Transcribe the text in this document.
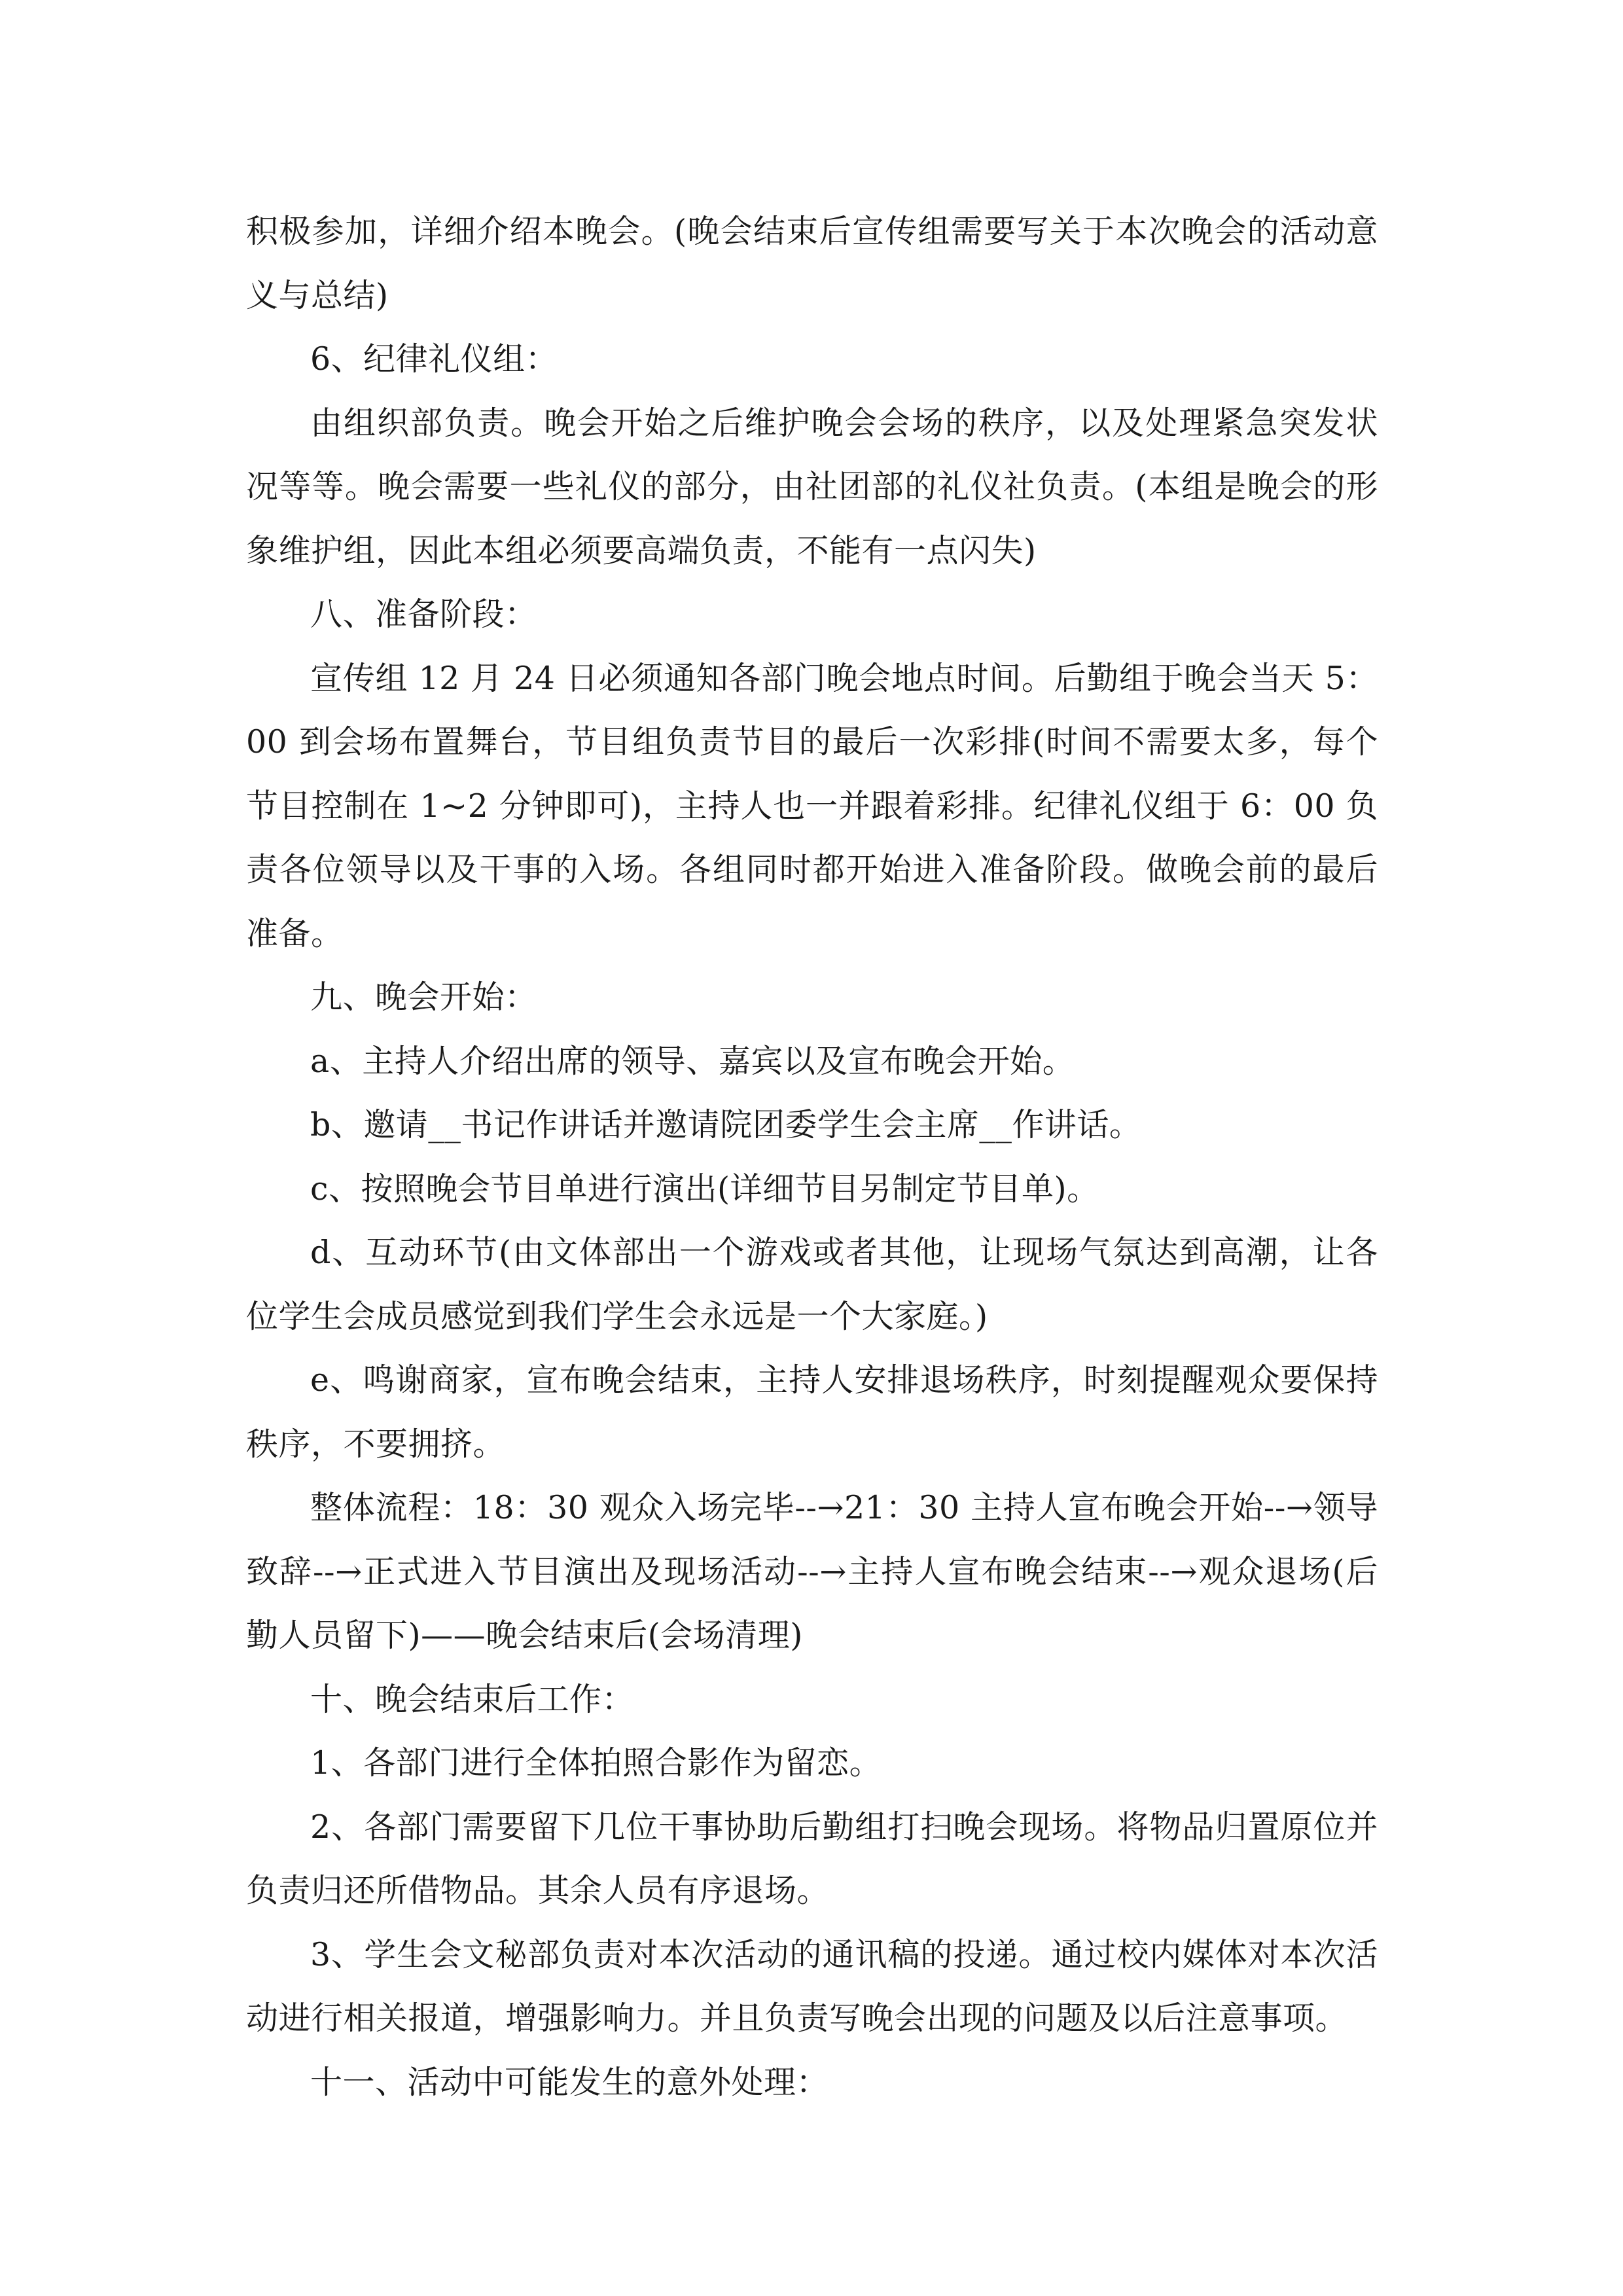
积极参加，详细介绍本晚会。(晚会结束后宣传组需要写关于本次晚会的活动意义与总结)

6、纪律礼仪组：

由组织部负责。晚会开始之后维护晚会会场的秩序，以及处理紧急突发状况等等。晚会需要一些礼仪的部分，由社团部的礼仪社负责。(本组是晚会的形象维护组，因此本组必须要高端负责，不能有一点闪失)

八、准备阶段：

宣传组 12 月 24 日必须通知各部门晚会地点时间。后勤组于晚会当天 5：00 到会场布置舞台，节目组负责节目的最后一次彩排(时间不需要太多，每个节目控制在 1~2 分钟即可)，主持人也一并跟着彩排。纪律礼仪组于 6：00 负责各位领导以及干事的入场。各组同时都开始进入准备阶段。做晚会前的最后准备。

九、晚会开始：

a、主持人介绍出席的领导、嘉宾以及宣布晚会开始。

b、邀请__书记作讲话并邀请院团委学生会主席__作讲话。

c、按照晚会节目单进行演出(详细节目另制定节目单)。

d、互动环节(由文体部出一个游戏或者其他，让现场气氛达到高潮，让各位学生会成员感觉到我们学生会永远是一个大家庭。)

e、鸣谢商家，宣布晚会结束，主持人安排退场秩序，时刻提醒观众要保持秩序，不要拥挤。

整体流程：18：30 观众入场完毕--→21：30 主持人宣布晚会开始--→领导致辞--→正式进入节目演出及现场活动--→主持人宣布晚会结束--→观众退场(后勤人员留下)——晚会结束后(会场清理)

十、晚会结束后工作：

1、各部门进行全体拍照合影作为留恋。

2、各部门需要留下几位干事协助后勤组打扫晚会现场。将物品归置原位并负责归还所借物品。其余人员有序退场。

3、学生会文秘部负责对本次活动的通讯稿的投递。通过校内媒体对本次活动进行相关报道，增强影响力。并且负责写晚会出现的问题及以后注意事项。

十一、活动中可能发生的意外处理：
